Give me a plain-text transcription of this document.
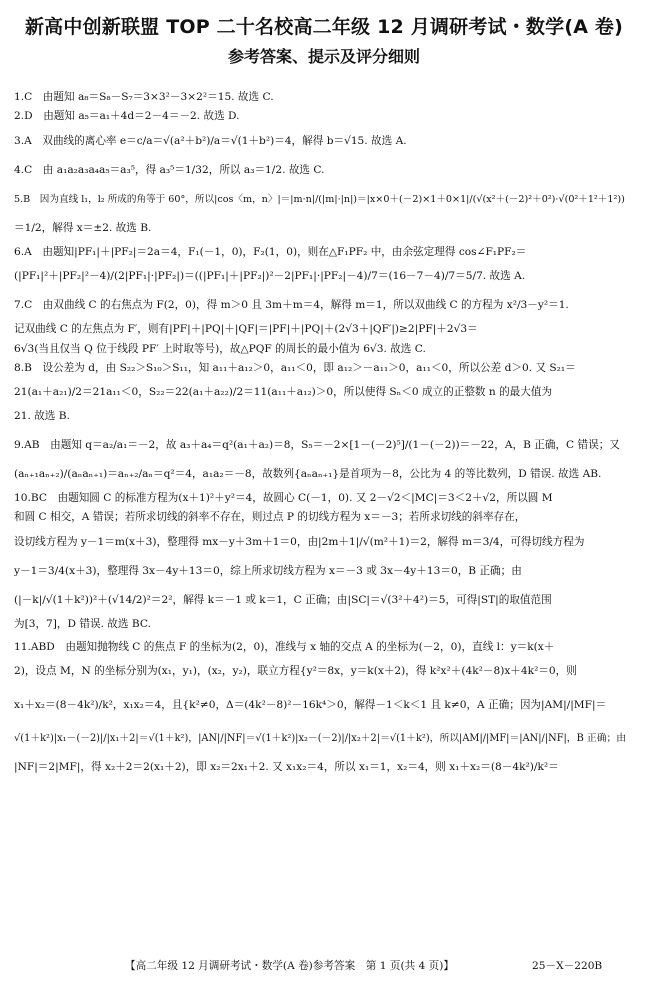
新高中创新联盟 TOP 二十名校高二年级 12 月调研考试・数学(A 卷)
参考答案、提示及评分细则
1.C　由题知 a₈＝S₈－S₇＝3×3²－3×2²＝15. 故选 C.
2.D　由题知 a₅＝a₁＋4d＝2－4＝－2. 故选 D.
3.A　双曲线的离心率 e＝c/a＝√(a²＋b²)/a＝√(1＋b²)＝4，解得 b＝√15. 故选 A.
4.C　由 a₁a₂a₃a₄a₅＝a₃⁵，得 a₃⁵＝1/32，所以 a₃＝1/2. 故选 C.
5.B　因为直线 l₁，l₂ 所成的角等于 60°，所以|cos〈m，n〉|＝|m·n|/(|m|·|n|)＝|x×0＋(－2)×1＋0×1|/(√(x²＋(－2)²＋0²)·√(0²＋1²＋1²))
＝1/2，解得 x＝±2. 故选 B.
6.A　由题知|PF₁|＋|PF₂|＝2a＝4，F₁(－1，0)，F₂(1，0)，则在△F₁PF₂ 中，由余弦定理得 cos∠F₁PF₂＝
(|PF₁|²＋|PF₂|²－4)/(2|PF₁|·|PF₂|)＝((|PF₁|＋|PF₂|)²－2|PF₁|·|PF₂|－4)/7＝(16－7－4)/7＝5/7. 故选 A.
7.C　由双曲线 C 的右焦点为 F(2，0)，得 m＞0 且 3m＋m＝4，解得 m＝1，所以双曲线 C 的方程为 x²/3－y²＝1.
记双曲线 C 的左焦点为 F′，则有|PF|＋|PQ|＋|QF|＝|PF|＋|PQ|＋(2√3＋|QF′|)≥2|PF|＋2√3＝
6√3(当且仅当 Q 位于线段 PF′ 上时取等号)，故△PQF 的周长的最小值为 6√3. 故选 C.
8.B　设公差为 d，由 S₂₂＞S₁₀＞S₁₁，知 a₁₁＋a₁₂＞0，a₁₁＜0，即 a₁₂＞－a₁₁＞0，a₁₁＜0，所以公差 d＞0. 又 S₂₁＝
21(a₁＋a₂₁)/2＝21a₁₁＜0，S₂₂＝22(a₁＋a₂₂)/2＝11(a₁₁＋a₁₂)＞0，所以使得 Sₙ＜0 成立的正整数 n 的最大值为
21. 故选 B.
9.AB　由题知 q＝a₂/a₁＝－2，故 a₃＋a₄＝q²(a₁＋a₂)＝8，S₅＝－2×[1－(－2)⁵]/(1－(－2))＝－22，A，B 正确，C 错误；又
(aₙ₊₁aₙ₊₂)/(aₙaₙ₊₁)＝aₙ₊₂/aₙ＝q²＝4，a₁a₂＝－8，故数列{aₙaₙ₊₁}是首项为－8，公比为 4 的等比数列，D 错误. 故选 AB.
10.BC　由题知圆 C 的标准方程为(x＋1)²＋y²＝4，故圆心 C(－1，0). 又 2－√2＜|MC|＝3＜2＋√2，所以圆 M
和圆 C 相交，A 错误；若所求切线的斜率不存在，则过点 P 的切线方程为 x＝－3；若所求切线的斜率存在，
设切线方程为 y－1＝m(x＋3)，整理得 mx－y＋3m＋1＝0，由|2m＋1|/√(m²＋1)＝2，解得 m＝3/4，可得切线方程为
y－1＝3/4(x＋3)，整理得 3x－4y＋13＝0，综上所求切线方程为 x＝－3 或 3x－4y＋13＝0，B 正确；由
(|－k|/√(1＋k²))²＋(√14/2)²＝2²，解得 k＝－1 或 k＝1，C 正确；由|SC|＝√(3²＋4²)＝5，可得|ST|的取值范围
为[3，7]，D 错误. 故选 BC.
11.ABD　由题知抛物线 C 的焦点 F 的坐标为(2，0)，准线与 x 轴的交点 A 的坐标为(－2，0)，直线 l：y＝k(x＋
2)，设点 M，N 的坐标分别为(x₁，y₁)，(x₂，y₂)，联立方程{y²＝8x，y＝k(x＋2)，得 k²x²＋(4k²－8)x＋4k²＝0，则
x₁＋x₂＝(8－4k²)/k²，x₁x₂＝4，且{k²≠0，Δ＝(4k²－8)²－16k⁴＞0，解得－1＜k＜1 且 k≠0，A 正确；因为|AM|/|MF|＝
√(1＋k²)|x₁－(－2)|/|x₁＋2|＝√(1＋k²)，|AN|/|NF|＝√(1＋k²)|x₂－(－2)|/|x₂＋2|＝√(1＋k²)，所以|AM|/|MF|＝|AN|/|NF|，B 正确；由
|NF|＝2|MF|，得 x₂＋2＝2(x₁＋2)，即 x₂＝2x₁＋2. 又 x₁x₂＝4，所以 x₁＝1，x₂＝4，则 x₁＋x₂＝(8－4k²)/k²＝
【高二年级 12 月调研考试・数学(A 卷)参考答案　第 1 页(共 4 页)】	25－X－220B
